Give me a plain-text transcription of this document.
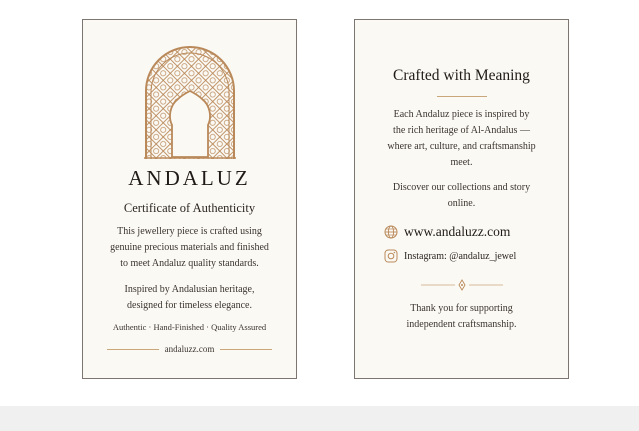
ANDALUZ
Certificate of Authenticity
This jewellery piece is crafted using
genuine precious materials and finished
to meet Andaluz quality standards.
Inspired by Andalusian heritage,
designed for timeless elegance.
Authentic · Hand-Finished · Quality Assured
andaluzz.com
Crafted with Meaning
Each Andaluz piece is inspired by
the rich heritage of Al-Andalus —
where art, culture, and craftsmanship
meet.
Discover our collections and story
online.
www.andaluzz.com
Instagram: @andaluz_jewel
Thank you for supporting
independent craftsmanship.
